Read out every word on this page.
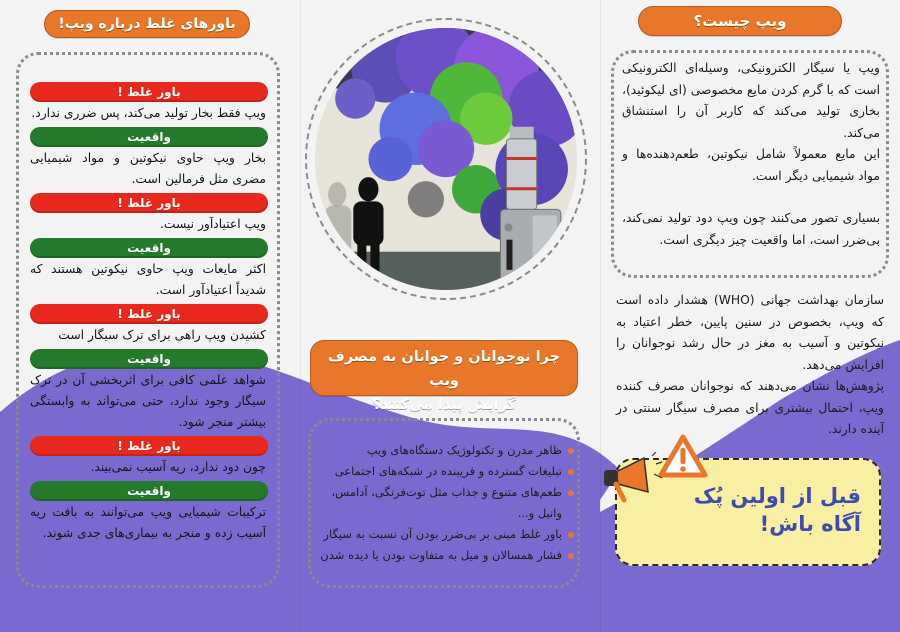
باورهای غلط درباره ویپ!
باور غلط !
ویپ فقط بخار تولید می‌کند، پس ضرری ندارد.
واقعیت
بخار ویپ حاوی نیکوتین و مواد شیمیایی مضری مثل فرمالین است.
باور غلط !
ویپ اعتیادآور نیست.
واقعیت
اکثر مایعات ویپ حاوی نیکوتین هستند که شدیداً اعتیادآور است.
باور غلط !
کشیدن ویپ راهی برای ترک سیگار است
واقعیت
شواهد علمی کافی برای اثربخشی آن در ترک سیگار وجود ندارد، حتی می‌تواند به وابستگی بیشتر منجر شود.
باور غلط !
چون دود ندارد، ریه آسیب نمی‌بیند.
واقعیت
ترکیبات شیمیایی ویپ می‌توانند به بافت ریه آسیب زده و منجر به بیماری‌های جدی شوند.
چرا نوجوانان و جوانان به مصرف ویپ
گرایش پیدا می‌کنند؟
ظاهر مدرن و تکنولوژیک دستگاه‌های ویپ
تبلیغات گسترده و فریبنده در شبکه‌های اجتماعی
طعم‌های متنوع و جذاب مثل توت‌فرنگی، آدامس، وانیل و...
باور غلط مبنی بر بی‌ضرر بودن آن نسبت به سیگار
فشار همسالان و میل به متفاوت بودن یا دیده شدن
ویپ چیست؟

ویپ یا سیگار الکترونیکی، وسیله‌ای الکترونیکی است که با گرم کردن مایع مخصوصی (ای لیکوئید)، بخاری تولید می‌کند که کاربر آن را استنشاق می‌کند.

این مایع معمولاً شامل نیکوتین، طعم‌دهنده‌ها و مواد شیمیایی دیگر است.

بسیاری تصور می‌کنند چون ویپ دود تولید نمی‌کند، بی‌ضرر است، اما واقعیت چیز دیگری است.

سازمان بهداشت جهانی (WHO) هشدار داده است که ویپ، بخصوص در سنین پایین، خطر اعتیاد به نیکوتین و آسیب به مغز در حال رشد نوجوانان را افزایش می‌دهد.

پژوهش‌ها نشان می‌دهند که نوجوانان مصرف کننده ویپ، احتمال بیشتری برای مصرف سیگار سنتی در آینده دارند.

قبل از اولین پُک
آگاه باش!
